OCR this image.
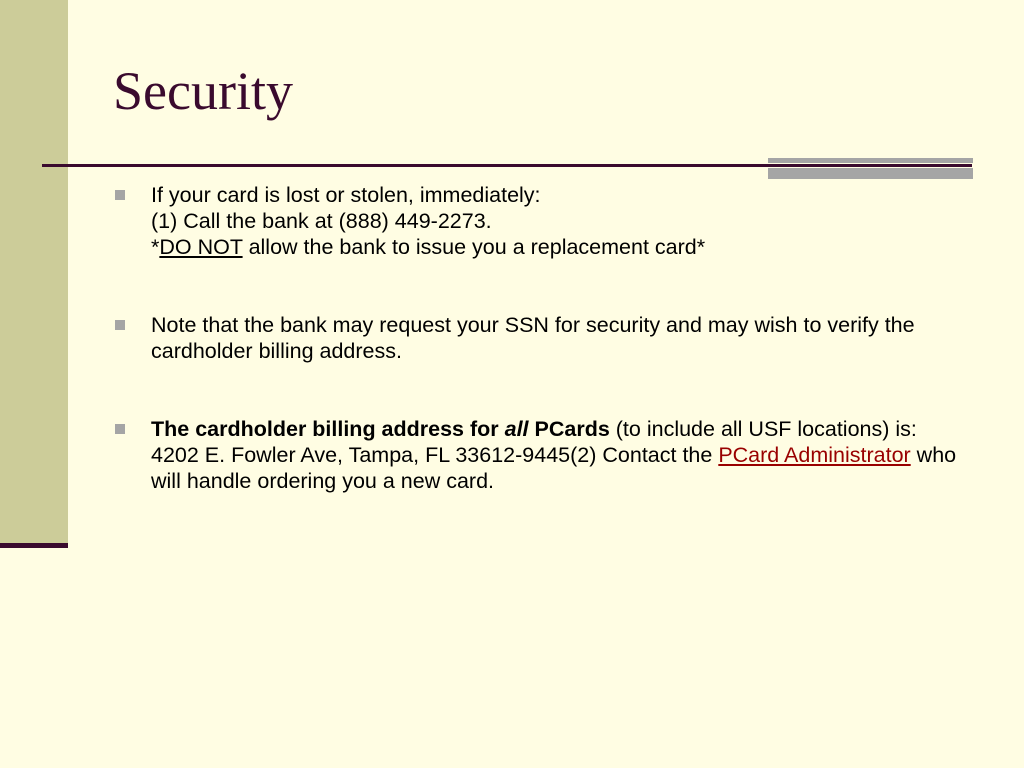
Security
If your card is lost or stolen, immediately:
(1) Call the bank at (888) 449-2273.
*DO NOT allow the bank to issue you a replacement card*
Note that the bank may request your SSN for security and may wish to verify the cardholder billing address.
The cardholder billing address for all PCards (to include all USF locations) is: 4202 E. Fowler Ave, Tampa, FL 33612-9445(2) Contact the PCard Administrator who will handle ordering you a new card.
